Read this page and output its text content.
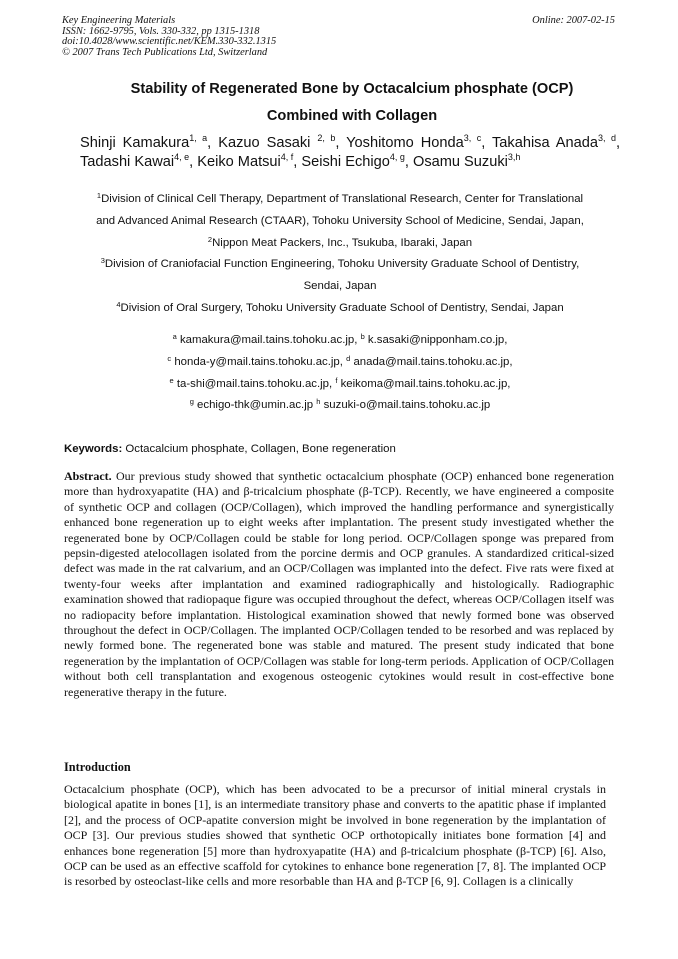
Key Engineering Materials
ISSN: 1662-9795, Vols. 330-332, pp 1315-1318
doi:10.4028/www.scientific.net/KEM.330-332.1315
© 2007 Trans Tech Publications Ltd, Switzerland
Online: 2007-02-15
Stability of Regenerated Bone by Octacalcium phosphate (OCP)
Combined with Collagen
Shinji Kamakura$^{1, a}$, Kazuo Sasaki $^{2, b}$, Yoshitomo Honda$^{3, c}$, Takahisa Anada$^{3, d}$, Tadashi Kawai$^{4, e}$, Keiko Matsui$^{4, f}$, Seishi Echigo$^{4, g}$, Osamu Suzuki$^{3,h}$
$^1$Division of Clinical Cell Therapy, Department of Translational Research, Center for Translational
and Advanced Animal Research (CTAAR), Tohoku University School of Medicine, Sendai, Japan,
$^2$Nippon Meat Packers, Inc., Tsukuba, Ibaraki, Japan
$^3$Division of Craniofacial Function Engineering, Tohoku University Graduate School of Dentistry,
Sendai, Japan
$^4$Division of Oral Surgery, Tohoku University Graduate School of Dentistry, Sendai, Japan
$^a$ kamakura@mail.tains.tohoku.ac.jp, $^b$ k.sasaki@nipponham.co.jp,
$^c$ honda-y@mail.tains.tohoku.ac.jp, $^d$ anada@mail.tains.tohoku.ac.jp,
$^e$ ta-shi@mail.tains.tohoku.ac.jp, $^f$ keikoma@mail.tains.tohoku.ac.jp,
$^g$ echigo-thk@umin.ac.jp $^h$ suzuki-o@mail.tains.tohoku.ac.jp
Keywords: Octacalcium phosphate, Collagen, Bone regeneration
Abstract. Our previous study showed that synthetic octacalcium phosphate (OCP) enhanced bone regeneration more than hydroxyapatite (HA) and β-tricalcium phosphate (β-TCP). Recently, we have engineered a composite of synthetic OCP and collagen (OCP/Collagen), which improved the handling performance and synergistically enhanced bone regeneration up to eight weeks after implantation. The present study investigated whether the regenerated bone by OCP/Collagen could be stable for long period. OCP/Collagen sponge was prepared from pepsin-digested atelocollagen isolated from the porcine dermis and OCP granules. A standardized critical-sized defect was made in the rat calvarium, and an OCP/Collagen was implanted into the defect. Five rats were fixed at twenty-four weeks after implantation and examined radiographically and histologically. Radiographic examination showed that radiopaque figure was occupied throughout the defect, whereas OCP/Collagen itself was no radiopacity before implantation. Histological examination showed that newly formed bone was observed throughout the defect in OCP/Collagen. The implanted OCP/Collagen tended to be resorbed and was replaced by newly formed bone. The regenerated bone was stable and matured. The present study indicated that bone regeneration by the implantation of OCP/Collagen was stable for long-term periods. Application of OCP/Collagen without both cell transplantation and exogenous osteogenic cytokines would result in cost-effective bone regenerative therapy in the future.
Introduction
Octacalcium phosphate (OCP), which has been advocated to be a precursor of initial mineral crystals in biological apatite in bones [1], is an intermediate transitory phase and converts to the apatitic phase if implanted [2], and the process of OCP-apatite conversion might be involved in bone regeneration by the implantation of OCP [3]. Our previous studies showed that synthetic OCP orthotopically initiates bone formation [4] and enhances bone regeneration [5] more than hydroxyapatite (HA) and β-tricalcium phosphate (β-TCP) [6]. Also, OCP can be used as an effective scaffold for cytokines to enhance bone regeneration [7, 8]. The implanted OCP is resorbed by osteoclast-like cells and more resorbable than HA and β-TCP [6, 9]. Collagen is a clinically
